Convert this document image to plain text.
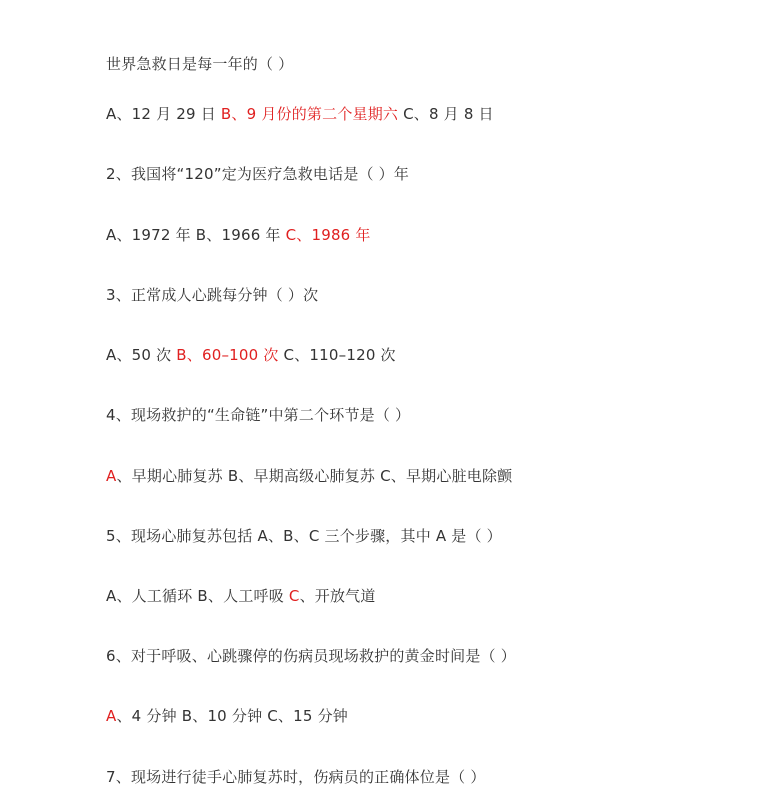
世界急救日是每一年的（ ）
A、12 月 29 日 B、9 月份的第二个星期六 C、8 月 8 日
2、我国将“120”定为医疗急救电话是（ ）年
A、1972 年 B、1966 年 C、1986 年
3、正常成人心跳每分钟（ ）次
A、50 次 B、60–100 次 C、110–120 次
4、现场救护的“生命链”中第二个环节是（ ）
A、早期心肺复苏 B、早期高级心肺复苏 C、早期心脏电除颤
5、现场心肺复苏包括 A、B、C 三个步骤，其中 A 是（ ）
A、人工循环 B、人工呼吸 C、开放气道
6、对于呼吸、心跳骤停的伤病员现场救护的黄金时间是（ ）
A、4 分钟 B、10 分钟 C、15 分钟
7、现场进行徒手心肺复苏时，伤病员的正确体位是（ ）
